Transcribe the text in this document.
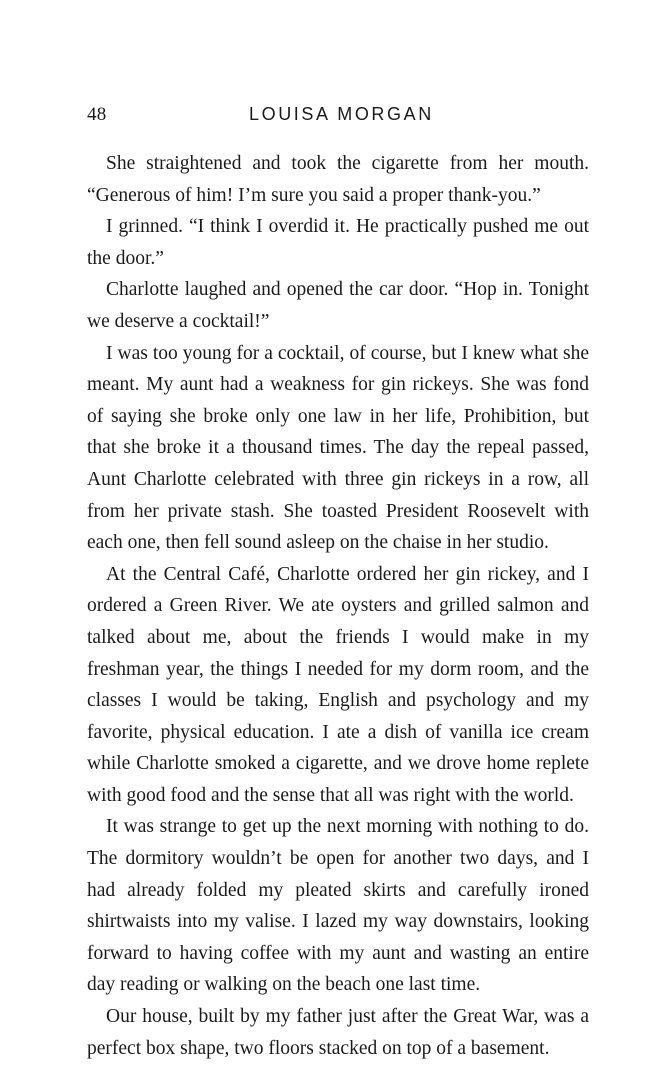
48	LOUISA MORGAN

She straightened and took the cigarette from her mouth. “Generous of him! I’m sure you said a proper thank-you.”

I grinned. “I think I overdid it. He practically pushed me out the door.”

Charlotte laughed and opened the car door. “Hop in. Tonight we deserve a cocktail!”

I was too young for a cocktail, of course, but I knew what she meant. My aunt had a weakness for gin rickeys. She was fond of saying she broke only one law in her life, Prohibition, but that she broke it a thousand times. The day the repeal passed, Aunt Charlotte celebrated with three gin rickeys in a row, all from her private stash. She toasted President Roosevelt with each one, then fell sound asleep on the chaise in her studio.

At the Central Café, Charlotte ordered her gin rickey, and I ordered a Green River. We ate oysters and grilled salmon and talked about me, about the friends I would make in my freshman year, the things I needed for my dorm room, and the classes I would be taking, English and psychology and my favorite, physical education. I ate a dish of vanilla ice cream while Charlotte smoked a cigarette, and we drove home replete with good food and the sense that all was right with the world.

It was strange to get up the next morning with nothing to do. The dormitory wouldn’t be open for another two days, and I had already folded my pleated skirts and carefully ironed shirtwaists into my valise. I lazed my way downstairs, looking forward to having coffee with my aunt and wasting an entire day reading or walking on the beach one last time.

Our house, built by my father just after the Great War, was a perfect box shape, two floors stacked on top of a basement.
